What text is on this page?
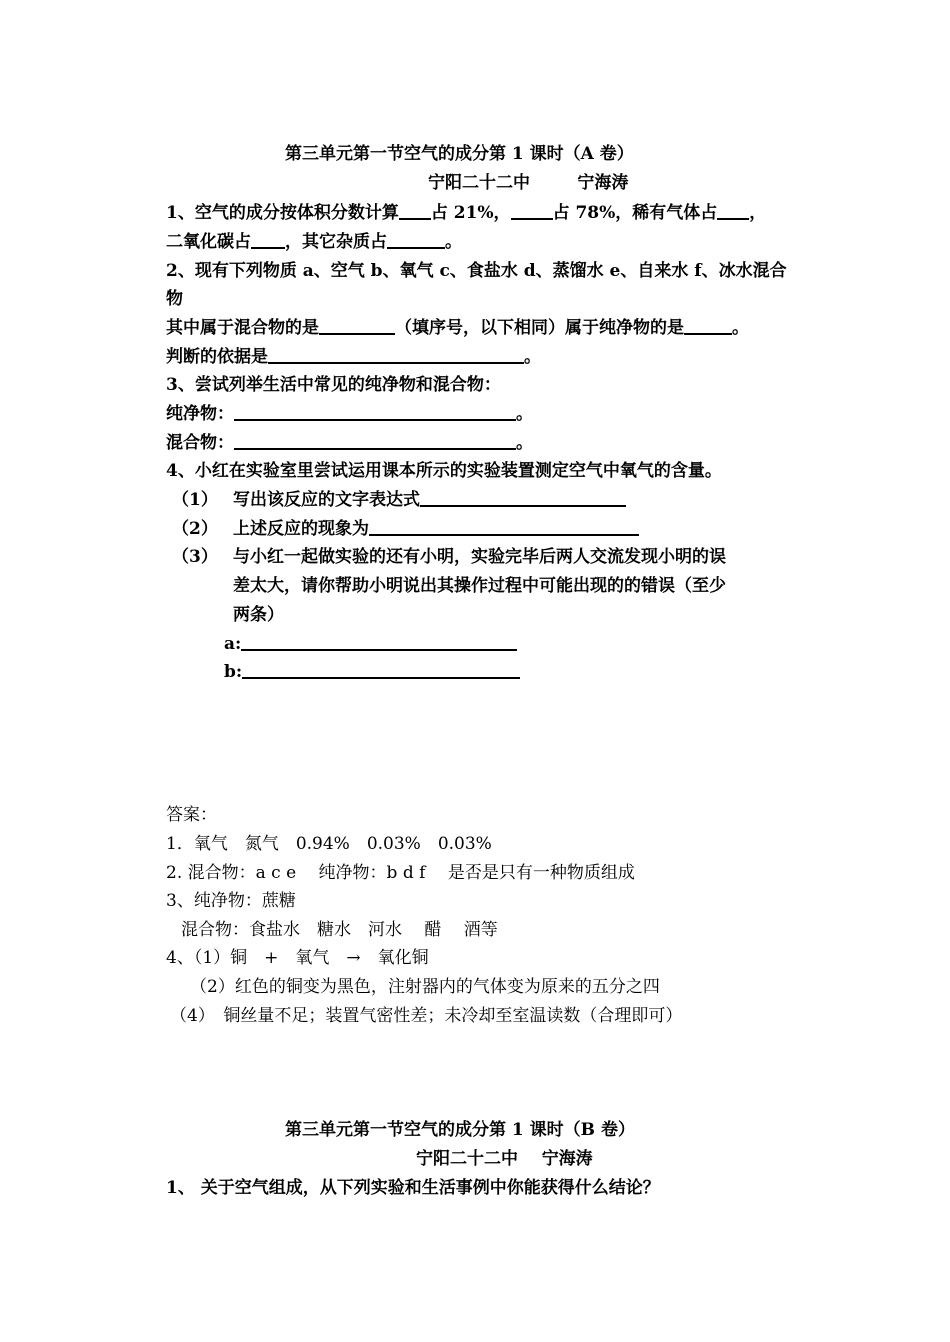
第三单元第一节空气的成分第 1 课时（A 卷）
宁阳二十二中	宁海涛
1、空气的成分按体积分数计算 占 21%， 占 78%，稀有气体占 ，
二氧化碳占 ，其它杂质占	。
2、现有下列物质 a、空气 b、氧气 c、食盐水 d、蒸馏水 e、自来水 f、冰水混合
物
其中属于混合物的是	（填序号，以下相同）属于纯净物的是	。
判断的依据是	。
3、尝试列举生活中常见的纯净物和混合物：
纯净物：	。
混合物：	。
4、小红在实验室里尝试运用课本所示的实验装置测定空气中氧气的含量。
（1） 写出该反应的文字表达式
（2） 上述反应的现象为
（3） 与小红一起做实验的还有小明，实验完毕后两人交流发现小明的误
差太大，请你帮助小明说出其操作过程中可能出现的的错误（至少
两条）
a:
b:
答案：
1．氧气　氮气　0.94%　0.03%　0.03%
2. 混合物：a c e　 纯净物：b d f　 是否是只有一种物质组成
3、纯净物：蔗糖
混合物：食盐水　糖水　河水　 醋　 酒等
4、（1）铜　+　氧气　→　氧化铜
（2）红色的铜变为黑色，注射器内的气体变为原来的五分之四
（4）　铜丝量不足；装置气密性差；未冷却至室温读数（合理即可）
第三单元第一节空气的成分第 1 课时（B 卷）
宁阳二十二中 宁海涛
1、 关于空气组成，从下列实验和生活事例中你能获得什么结论？
